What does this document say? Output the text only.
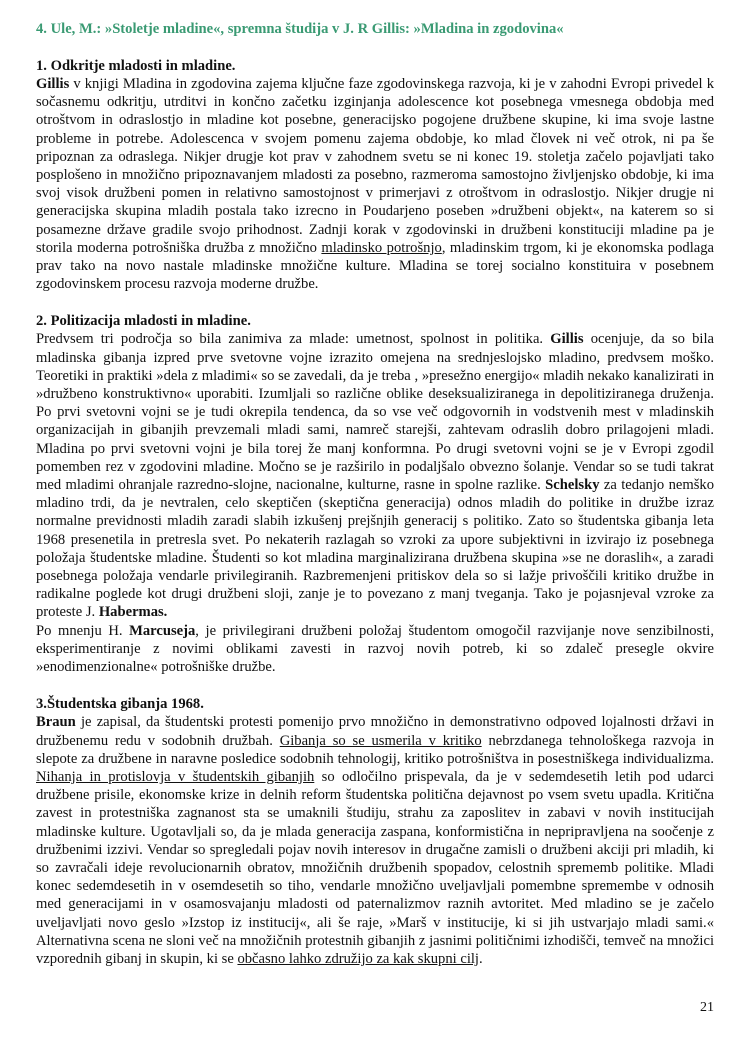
4. Ule, M.: »Stoletje mladine«, spremna študija v J. R Gillis: »Mladina in zgodovina«

1. Odkritje mladosti in mladine.

Gillis v knjigi Mladina in zgodovina zajema ključne faze zgodovinskega razvoja, ki je v zahodni Evropi privedel k sočasnemu odkritju, utrditvi in končno začetku izginjanja adolescence kot posebnega vmesnega obdobja med otroštvom in odraslostjo in mladine kot posebne, generacijsko pogojene družbene skupine, ki ima svoje lastne probleme in potrebe. Adolescenca v svojem pomenu zajema obdobje, ko mlad človek ni več otrok, ni pa še pripoznan za odraslega. Nikjer drugje kot prav v zahodnem svetu se ni konec 19. stoletja začelo pojavljati tako posplošeno in množično pripoznavanjem mladosti za posebno, razmeroma samostojno življenjsko obdobje, ki ima svoj visok družbeni pomen in relativno samostojnost v primerjavi z otroštvom in odraslostjo. Nikjer drugje ni generacijska skupina mladih postala tako izrecno in Poudarjeno poseben »družbeni objekt«, na katerem so si posamezne države gradile svojo prihodnost. Zadnji korak v zgodovinski in družbeni konstituciji mladine pa je storila moderna potrošniška družba z množično mladinsko potrošnjo, mladinskim trgom, ki je ekonomska podlaga prav tako na novo nastale mladinske množične kulture. Mladina se torej socialno konstituira v posebnem zgodovinskem procesu razvoja moderne družbe.

2. Politizacija mladosti in mladine.

Predvsem tri področja so bila zanimiva za mlade: umetnost, spolnost in politika. Gillis ocenjuje, da so bila mladinska gibanja izpred prve svetovne vojne izrazito omejena na srednjeslojsko mladino, predvsem moško. Teoretiki in praktiki »dela z mladimi« so se zavedali, da je treba , »presežno energijo« mladih nekako kanalizirati in »družbeno konstruktivno« uporabiti. Izumljali so različne oblike deseksualiziranega in depolitiziranega druženja. Po prvi svetovni vojni se je tudi okrepila tendenca, da so vse več odgovornih in vodstvenih mest v mladinskih organizacijah in gibanjih prevzemali mladi sami, namreč starejši, zahtevam odraslih dobro prilagojeni mladi. Mladina po prvi svetovni vojni je bila torej že manj konformna. Po drugi svetovni vojni se je v Evropi zgodil pomemben rez v zgodovini mladine. Močno se je razširilo in podaljšalo obvezno šolanje. Vendar so se tudi takrat med mladimi ohranjale razredno-slojne, nacionalne, kulturne, rasne in spolne razlike. Schelsky za tedanjo nemško mladino trdi, da je nevtralen, celo skeptičen (skeptična generacija) odnos mladih do politike in družbe izraz normalne previdnosti mladih zaradi slabih izkušenj prejšnjih generacij s politiko. Zato so študentska gibanja leta 1968 presenetila in pretresla svet. Po nekaterih razlagah so vzroki za upore subjektivni in izvirajo iz posebnega položaja študentske mladine. Študenti so kot mladina marginalizirana družbena skupina »se ne doraslih«, a zaradi posebnega položaja vendarle privilegiranih. Razbremenjeni pritiskov dela so si lažje privoščili kritiko družbe in radikalne poglede kot drugi družbeni sloji, zanje je to povezano z manj tveganja. Tako je pojasnjeval vzroke za proteste J. Habermas.

Po mnenju H. Marcuseja, je privilegirani družbeni položaj študentom omogočil razvijanje nove senzibilnosti, eksperimentiranje z novimi oblikami zavesti in razvoj novih potreb, ki so zdaleč presegle okvire »enodimenzionalne« potrošniške družbe.

3.Študentska gibanja 1968.

Braun je zapisal, da študentski protesti pomenijo prvo množično in demonstrativno odpoved lojalnosti državi in družbenemu redu v sodobnih družbah. Gibanja so se usmerila v kritiko nebrzdanega tehnološkega razvoja in slepote za družbene in naravne posledice sodobnih tehnologij, kritiko potrošništva in posestniškega individualizma. Nihanja in protislovja v študentskih gibanjih so odločilno prispevala, da je v sedemdesetih letih pod udarci družbene prisile, ekonomske krize in delnih reform študentska politična dejavnost po vsem svetu upadla. Kritična zavest in protestniška zagnanost sta se umaknili študiju, strahu za zaposlitev in zabavi v novih institucijah mladinske kulture. Ugotavljali so, da je mlada generacija zaspana, konformistična in nepripravljena na soočenje z družbenimi izzivi. Vendar so spregledali pojav novih interesov in drugačne zamisli o družbeni akciji pri mladih, ki so zavračali ideje revolucionarnih obratov, množičnih družbenih spopadov, celostnih sprememb politike. Mladi konec sedemdesetih in v osemdesetih so tiho, vendarle množično uveljavljali pomembne spremembe v odnosih med generacijami in v osamosvajanju mladosti od paternalizmov raznih avtoritet. Med mladino se je začelo uveljavljati novo geslo »Izstop iz institucij«, ali še raje, »Marš v institucije, ki si jih ustvarjajo mladi sami.« Alternativna scena ne sloni več na množičnih protestnih gibanjih z jasnimi političnimi izhodišči, temveč na množici vzporednih gibanj in skupin, ki se občasno lahko združijo za kak skupni cilj.

21
